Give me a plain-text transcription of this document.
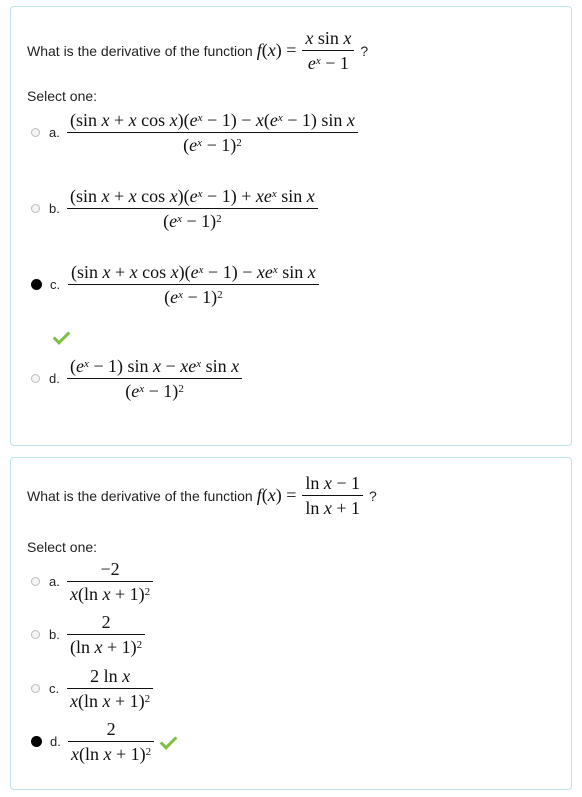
What is the derivative of the function $f(x) = \frac{\text{x sin x}}{e^x - 1}$ ?
Select one:
a. $\frac{(\sin x + x \cos x)(e^x - 1) - x(e^x - 1) \sin x}{(e^x - 1)^2}$
b. $\frac{(\sin x + x \cos x)(e^x - 1) + xe^x \sin x}{(e^x - 1)^2}$
c. $\frac{(\sin x + x \cos x)(e^x - 1) - xe^x \sin x}{(e^x - 1)^2}$
d. $\frac{(e^x - 1) \sin x - xe^x \sin x}{(e^x - 1)^2}$
What is the derivative of the function $f(x) = \frac{\text{ln x − 1}}{\text{ln x + 1}}$ ?
Select one:
a. $\frac{-2}{x(\ln x + 1)^2}$
b. $\frac{2}{(\ln x + 1)^2}$
c. $\frac{\text{2 ln x}}{x(\ln x + 1)^2}$
d. $\frac{2}{x(\ln x + 1)^2}$
